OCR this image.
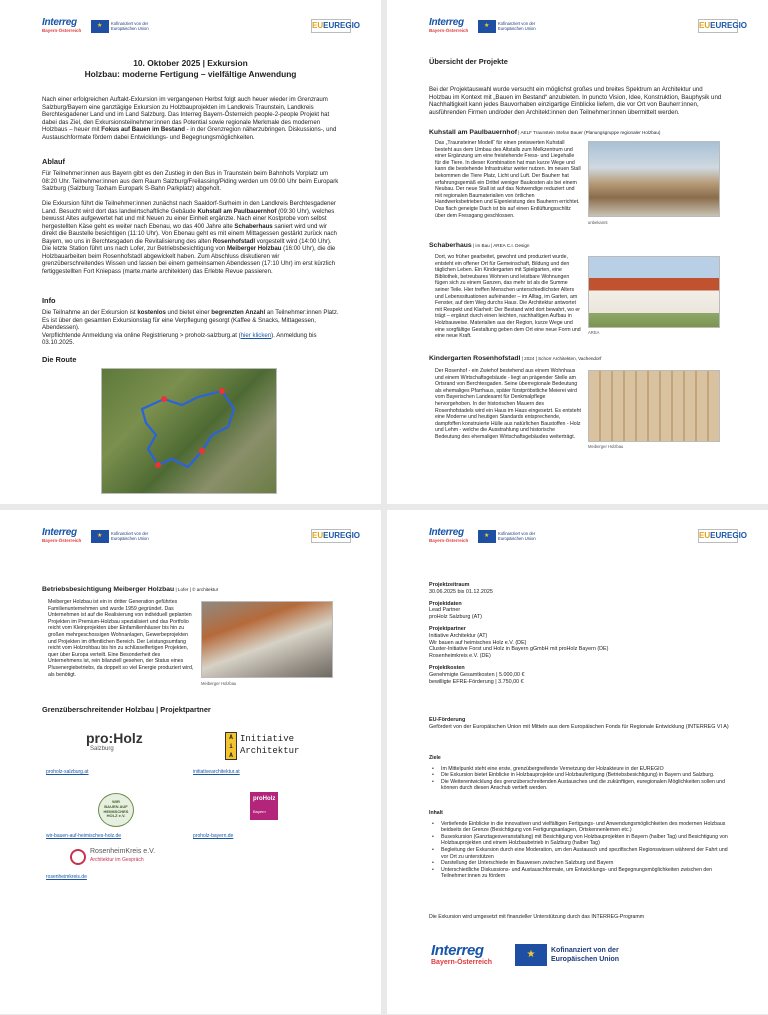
Interreg
Bayern-Österreich
★ Kofinanziert von der Europäischen Union	EUEUREGIO
10. Oktober 2025 | Exkursion
Holzbau: moderne Fertigung – vielfältige Anwendung
Nach einer erfolgreichen Auftakt-Exkursion im vergangenen Herbst folgt auch heuer wieder im Grenzraum Salzburg/Bayern eine ganztägige Exkursion zu Holzbauprojekten im Landkreis Traunstein, Landkreis Berchtesgadener Land und im Land Salzburg. Das Interreg Bayern-Österreich people-2-people Projekt hat dabei das Ziel, den Exkursionsteilnehmer:innen das Potential sowie regionale Merkmale des modernen Holzbaus – heuer mit Fokus auf Bauen im Bestand - in der Grenzregion näherzubringen. Diskussions-, und Austauschformate fördern dabei Entwicklungs- und Begegnungsmöglichkeiten.
Ablauf
Für Teilnehmer:innen aus Bayern gibt es den Zustieg in den Bus in Traunstein beim Bahnhofs Vorplatz um 08:20 Uhr. Teilnehmer:innen aus dem Raum Salzburg/Freilassing/Piding werden um 09:00 Uhr beim Europark Salzburg (Salzburg Taxham Europark S-Bahn Parkplatz) abgeholt.
Die Exkursion führt die Teilnehmer:innen zunächst nach Saaldorf-Surheim in den Landkreis Berchtesgadener Land. Besucht wird dort das landwirtschaftliche Gebäude Kuhstall am Paulbauernhof (09:30 Uhr), welches bewusst Altes aufgewertet hat und mit Neuen zu einer Einheit ergänzte. Nach einer Kostprobe vom selbst hergestellten Käse geht es weiter nach Ebenau, wo das 400 Jahre alte Schaberhaus saniert wird und wir direkt die Baustelle besichtigen (11:10 Uhr). Von Ebenau geht es mit einem Mittagessen gestärkt zurück nach Bayern, wo uns in Berchtesgaden die Revitalisierung des alten Rosenhofstadl vorgestellt wird (14:00 Uhr). Die letzte Station führt uns nach Lofer, zur Betriebsbesichtigung von Meiberger Holzbau (16:00 Uhr), die die Holzbauarbeiten beim Rosenhofstadl abgewickelt haben. Zum Abschluss diskutieren wir grenzüberschreitendes Wissen und lassen bei einem gemeinsamen Abendessen (17:10 Uhr) im erst kürzlich fertiggestellten Fort Kniepass (marte.marte architekten) das Erlebte Revue passieren.
Info
Die Teilnahme an der Exkursion ist kostenlos und bietet einer begrenzten Anzahl an Teilnehmer:innen Platz. Es ist über den gesamten Exkursionstag für eine Verpflegung gesorgt (Kaffee & Snacks, Mittagessen, Abendessen).
Verpflichtende Anmeldung via online Registrierung > proholz-salzburg.at (hier klicken). Anmeldung bis 03.10.2025.
Die Route
Interreg
Bayern-Österreich
★ Kofinanziert von der Europäischen Union	EUEUREGIO
Übersicht der Projekte
Bei der Projektauswahl wurde versucht ein möglichst großes und breites Spektrum an Architektur und Holzbau im Kontext mit „Bauen im Bestand“ anzubieten. In puncto Vision, Idee, Konstruktion, Bauphysik und Nachhaltigkeit kann jedes Bauvorhaben einzigartige Einblicke liefern, die vor Ort von Bauherr:innen, ausführenden Firmen und/oder den Architekt:innen den Teilnehmer:innen übermittelt werden.
Kuhstall am Paulbauernhof | AELF Traunstein Stefan Bauer (Planungsgruppe regionaler Holzbau)
Das „Traunsteiner Modell“ für einen preiswerten Kuhstall besteht aus dem Umbau des Altstalls zum Melkzentrum und einer Ergänzung um eine freistehende Fress- und Liegehalle für die Tiere. In dieser Kombination hat man kurze Wege und kann die bestehende Infrastruktur weiter nutzen. Im neuen Stall bekommen die Tiere Platz, Licht und Luft. Der Bauherr hat erfahrungsgemäß ein Drittel weniger Baukosten als bei einem Neubau. Der neue Stall ist auf das Notwendige reduziert und mit regionalen Baumaterialien von örtlichen Handwerksbetrieben und Eigenleistung des Bauherrn errichtet. Das flach geneigte Dach ist bis auf einen Entlüftungsschlitz über dem Fressgang geschlossen.
unbekannt
Schaberhaus | im Bau | AREA C.I. Design
Dort, wo früher gearbeitet, gewohnt und produziert wurde, entsteht ein offener Ort für Gemeinschaft, Bildung und den täglichen Leben. Ein Kindergarten mit Spielgarten, eine Bibliothek, betreubares Wohnen und leistbare Wohnungen fügen sich zu einem Ganzen, das mehr ist als die Summe seiner Teile. Hier treffen Menschen unterschiedlichster Alters und Lebenssituationen aufeinander – im Alltag, im Garten, am Fenster, auf dem Weg durchs Haus. Die Architektur antwortet mit Respekt und Klarheit: Der Bestand wird dort bewahrt, wo er trägt – ergänzt durch einen leichten, nachhaltigen Aufbau in Holzbauweise. Materialien aus der Region, kurze Wege und eine sorgfältige Gestaltung geben dem Ort eine neue Form und eine neue Kraft.
AREA
Kindergarten Rosenhofstadl | 2024 | Schorr Architekten, Vachendorf
Der Rosenhof - ein Zwiehof bestehend aus einem Wohnhaus und einem Wirtschaftsgebäude - liegt an prägender Stelle am Ortsrand von Berchtesgaden. Seine überregionale Bedeutung als ehemaliges Pfarrhaus, später fürstpröbstliche Meierei wird vom Bayerischen Landesamt für Denkmalpflege hervorgehoben. In der historischen Mauern des Rosenhofstadels wird ein Haus im Haus eingesetzt. Es entsteht eine Moderne und heutigen Standards entsprechende, dampfoffen konstruierte Hülle aus natürlichen Baustoffen - Holz und Lehm - welche die Ausstrahlung und historische Bedeutung des ehemaligen Wirtschaftsgebäudes weiterträgt.
Meiberger Holzbau
Interreg
Bayern-Österreich
★ Kofinanziert von der Europäischen Union	EUEUREGIO
Betriebsbesichtigung Meiberger Holzbau | Lofer | © architektur
Meiberger Holzbau ist ein in dritter Generation geführtes Familienunternehmen und wurde 1959 gegründet. Das Unternehmen ist auf die Realisierung von individuell geplanten Projekten im Premium-Holzbau spezialisiert und das Portfolio reicht vom Kleinprojekten über Einfamilienhäuser bis hin zu großen mehrgeschossigen Wohnanlagen, Gewerbeprojekten und Projekten im öffentlichen Bereich. Der Leistungsumfang reicht vom Holzrohbau bis hin zu schlüsselfertigen Projekten, quer über Europa verteilt. Eine Besonderheit des Unternehmens ist, rein bilanziell gesehen, der Status eines Plusenergiebetriebs, da doppelt so viel Energie produziert wird, als benötigt.
Meiberger Holzbau
Grenzüberschreitender Holzbau | Projektpartner
pro:Holz
Salzburg
proholz-salzburg.at
A i A
Initiative
Architektur
initiativearchitektur.at
WIR
BAUEN AUF
HEIMISCHES
HOLZ e.V.
wir-bauen-auf-heimisches-holz.de
proHolz
Bayern
proholz-bayern.de
RosenheimKreis e.V.
Architektur im Gespräch
rosenheimkreis.de
Interreg
Bayern-Österreich
★ Kofinanziert von der Europäischen Union	EUEUREGIO
Projektzeitraum
30.06.2025 bis 01.12.2025
Projektdaten
Lead Partner
proHolz Salzburg (AT)
Projektpartner
Initiative Architektur (AT)
Wir bauen auf heimisches Holz e.V. (DE)
Cluster-Initiative Forst und Holz in Bayern gGmbH mit proHolz Bayern (DE)
Rosenheimkreis e.V. (DE)
Projektkosten
Genehmigte Gesamtkosten | 5.000,00 €
bewilligte EFRE-Förderung | 3.750,00 €
EU-Förderung
Gefördert von der Europäischen Union mit Mitteln aus dem Europäischen Fonds für Regionale Entwicklung (INTERREG VI A)
Ziele
• Im Mittelpunkt steht eine erste, grenzübergreifende Vernetzung der Holzakteure in der EUREGIO
• Die Exkursion bietet Einblicke in Holzbauprojekte und Holzbaufertigung (Betriebsbesichtigung) in Bayern und Salzburg.
• Die Weiterentwicklung des grenzüberschreitenden Austausches und die zukünftigen, euregionalen Möglichkeiten sollen und können durch diesen Anschub vertieft werden.
Inhalt
• Vertiefende Einblicke in die innovativen und vielfältigen Fertigungs- und Anwendungsmöglichkeiten des modernen Holzbaus beidseits der Grenze (Besichtigung von Fertigungsanlagen, Ortskennenlernen etc.)
• Busexkursion (Ganztagesveranstaltung) mit Besichtigung von Holzbauprojekten in Bayern (halber Tag) und Besichtigung von Holzbauprojekten und einem Holzbaubetrieb in Salzburg (halber Tag)
• Begleitung der Exkursion durch eine Moderation, um den Austausch und spezifischen Regionswissen während der Fahrt und vor Ort zu unterstützen
• Darstellung der Unterschiede im Bauwesen zwischen Salzburg und Bayern
• Unterschiedliche Diskussions- und Austauschformate, um Entwicklungs- und Begegnungsmöglichkeiten zwischen den Teilnehmer:innen zu fördern
Die Exkursion wird umgesetzt mit finanzieller Unterstützung durch das INTERREG-Programm
Interreg
Bayern-Österreich
★	Kofinanziert von der
Europäischen Union
